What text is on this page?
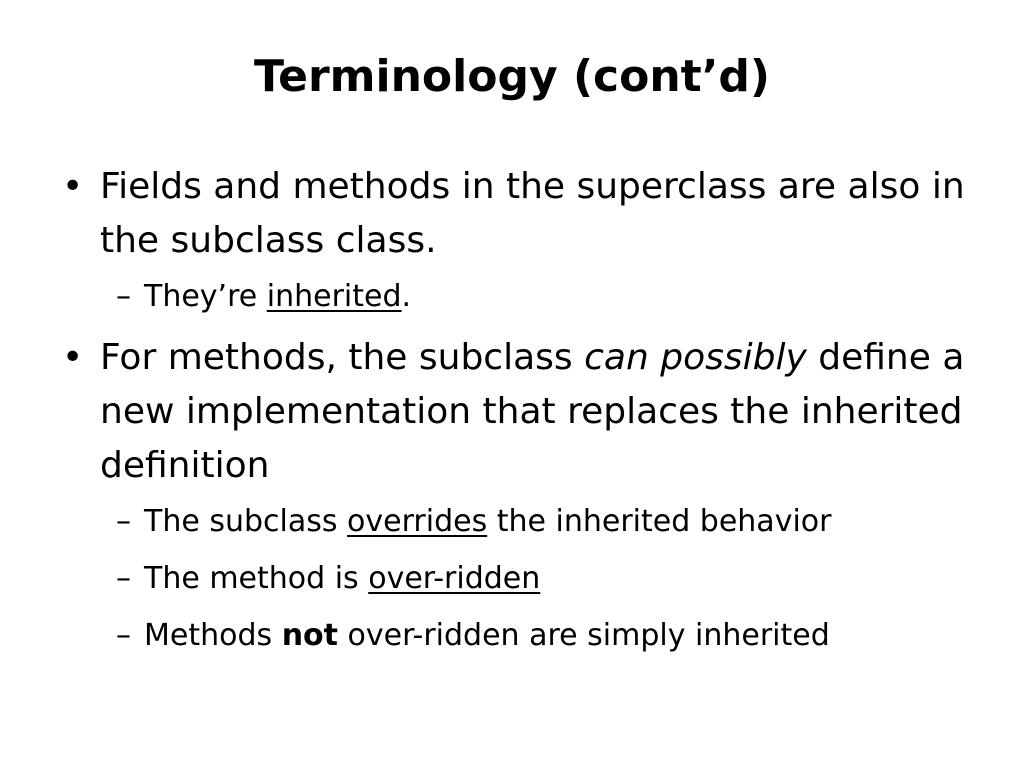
Terminology (cont’d)
• Fields and methods in the superclass are also in the subclass class.
– They’re inherited.
• For methods, the subclass can possibly define a new implementation that replaces the inherited definition
– The subclass overrides the inherited behavior
– The method is over-ridden
– Methods not over-ridden are simply inherited
